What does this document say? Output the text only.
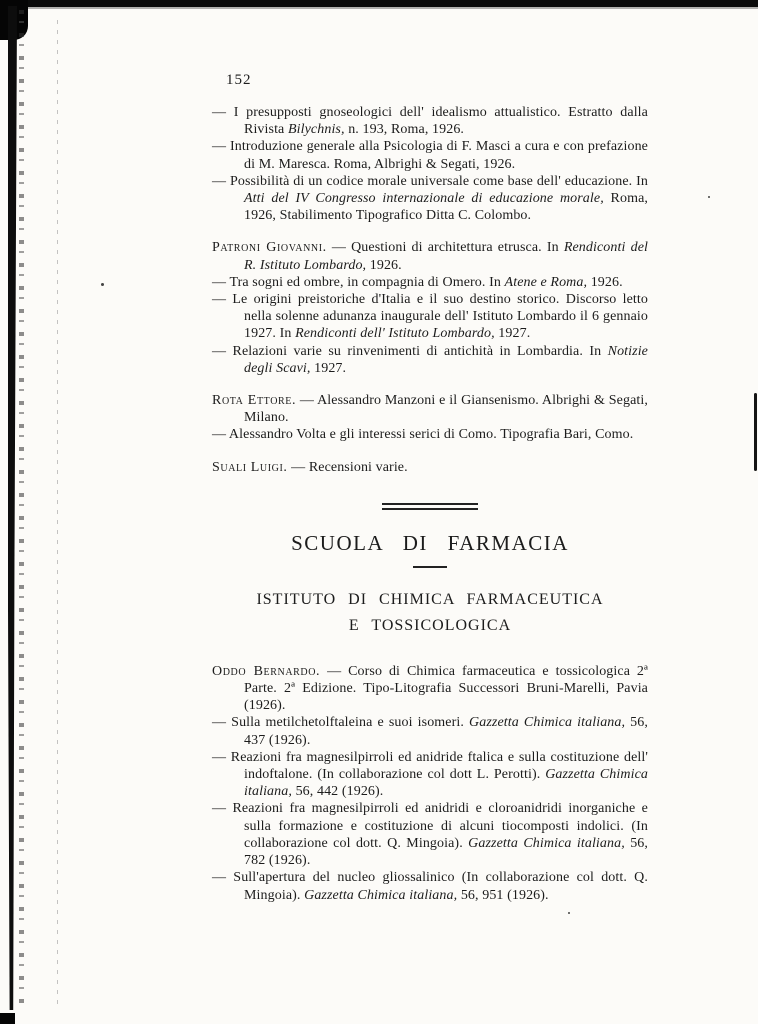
152

— I presupposti gnoseologici dell' idealismo attualistico. Estratto dalla Rivista Bilychnis, n. 193, Roma, 1926.

— Introduzione generale alla Psicologia di F. Masci a cura e con prefazione di M. Maresca. Roma, Albrighi & Segati, 1926.

— Possibilità di un codice morale universale come base dell' educazione. In Atti del IV Congresso internazionale di educazione morale, Roma, 1926, Stabilimento Tipografico Ditta C. Colombo.

Patroni Giovanni. — Questioni di architettura etrusca. In Rendiconti del R. Istituto Lombardo, 1926.

— Tra sogni ed ombre, in compagnia di Omero. In Atene e Roma, 1926.

— Le origini preistoriche d'Italia e il suo destino storico. Discorso letto nella solenne adunanza inaugurale dell' Istituto Lombardo il 6 gennaio 1927. In Rendiconti dell' Istituto Lombardo, 1927.

— Relazioni varie su rinvenimenti di antichità in Lombardia. In Notizie degli Scavi, 1927.

Rota Ettore. — Alessandro Manzoni e il Giansenismo. Albrighi & Segati, Milano.

— Alessandro Volta e gli interessi serici di Como. Tipografia Bari, Como.

Suali Luigi. — Recensioni varie.

SCUOLA DI FARMACIA
ISTITUTO DI CHIMICA FARMACEUTICA
E TOSSICOLOGICA

Oddo Bernardo. — Corso di Chimica farmaceutica e tossicologica 2ª Parte. 2ª Edizione. Tipo-Litografia Successori Bruni-Marelli, Pavia (1926).

— Sulla metilchetolftaleina e suoi isomeri. Gazzetta Chimica italiana, 56, 437 (1926).

— Reazioni fra magnesilpirroli ed anidride ftalica e sulla costituzione dell' indoftalone. (In collaborazione col dott L. Perotti). Gazzetta Chimica italiana, 56, 442 (1926).

— Reazioni fra magnesilpirroli ed anidridi e cloroanidridi inorganiche e sulla formazione e costituzione di alcuni tiocomposti indolici. (In collaborazione col dott. Q. Mingoia). Gazzetta Chimica italiana, 56, 782 (1926).

— Sull'apertura del nucleo gliossalinico (In collaborazione col dott. Q. Mingoia). Gazzetta Chimica italiana, 56, 951 (1926).
